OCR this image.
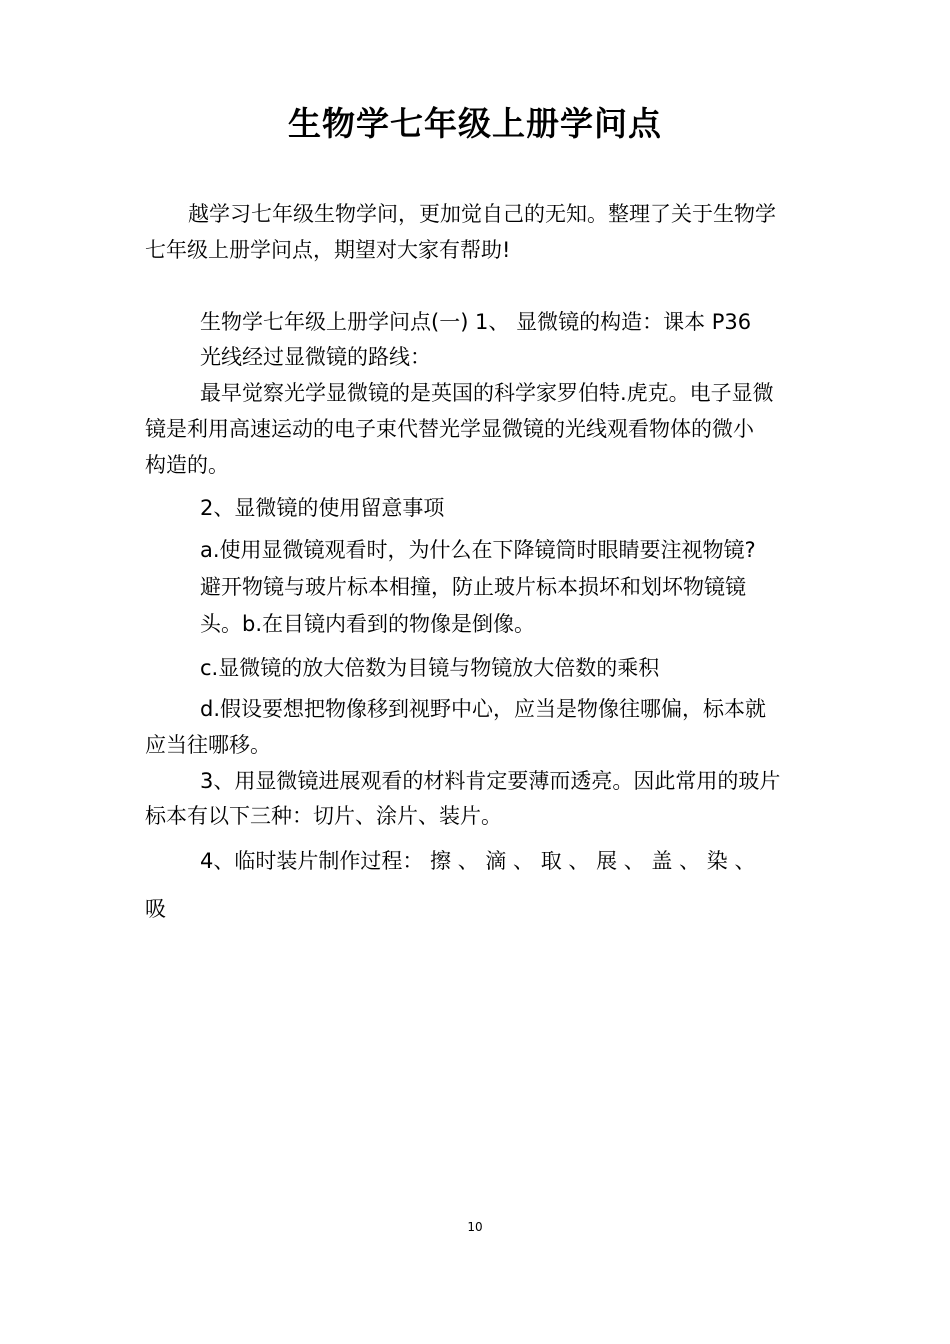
生物学七年级上册学问点
越学习七年级生物学问，更加觉自己的无知。整理了关于生物学
七年级上册学问点，期望对大家有帮助!
生物学七年级上册学问点(一) 1、 显微镜的构造：课本 P36
光线经过显微镜的路线：
最早觉察光学显微镜的是英国的科学家罗伯特.虎克。电子显微
镜是利用高速运动的电子束代替光学显微镜的光线观看物体的微小
构造的。
2、显微镜的使用留意事项
a.使用显微镜观看时，为什么在下降镜筒时眼睛要注视物镜?
避开物镜与玻片标本相撞，防止玻片标本损坏和划坏物镜镜
头。b.在目镜内看到的物像是倒像。
c.显微镜的放大倍数为目镜与物镜放大倍数的乘积
d.假设要想把物像移到视野中心，应当是物像往哪偏，标本就
应当往哪移。
3、用显微镜进展观看的材料肯定要薄而透亮。因此常用的玻片
标本有以下三种：切片、涂片、装片。
4、临时装片制作过程： 擦 、 滴 、 取 、 展 、 盖 、 染 、
吸
10
